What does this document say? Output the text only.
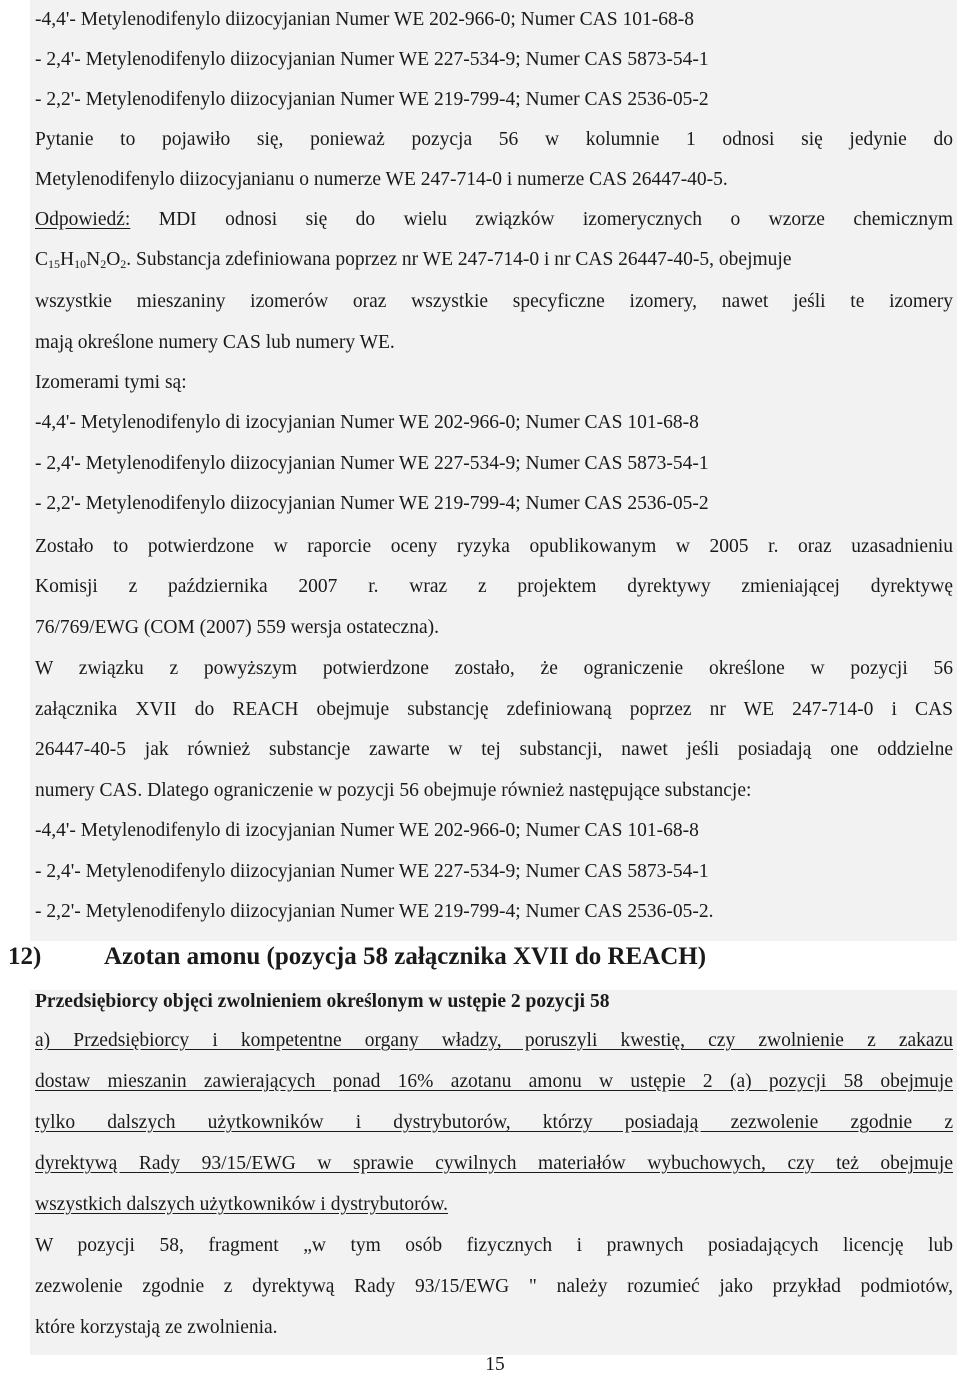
-4,4'- Metylenodifenylo diizocyjanian Numer WE 202-966-0; Numer CAS 101-68-8
- 2,4'- Metylenodifenylo diizocyjanian Numer WE 227-534-9; Numer CAS 5873-54-1
- 2,2'- Metylenodifenylo diizocyjanian Numer WE 219-799-4; Numer CAS 2536-05-2
Pytanie to pojawiło się, ponieważ pozycja 56 w kolumnie 1 odnosi się jedynie do
Metylenodifenylo diizocyjanianu o numerze WE 247-714-0 i numerze CAS 26447-40-5.
Odpowiedź: MDI odnosi się do wielu związków izomerycznych o wzorze chemicznym
$C_{15}H_{10}N_2O_2$. Substancja zdefiniowana poprzez nr WE 247-714-0 i nr CAS 26447-40-5, obejmuje
wszystkie mieszaniny izomerów oraz wszystkie specyficzne izomery, nawet jeśli te izomery
mają określone numery CAS lub numery WE.
Izomerami tymi są:
-4,4'- Metylenodifenylo di izocyjanian Numer WE 202-966-0; Numer CAS 101-68-8
- 2,4'- Metylenodifenylo diizocyjanian Numer WE 227-534-9; Numer CAS 5873-54-1
- 2,2'- Metylenodifenylo diizocyjanian Numer WE 219-799-4; Numer CAS 2536-05-2
Zostało to potwierdzone w raporcie oceny ryzyka opublikowanym w 2005 r. oraz uzasadnieniu
Komisji z października 2007 r. wraz z projektem dyrektywy zmieniającej dyrektywę
76/769/EWG (COM (2007) 559 wersja ostateczna).
W związku z powyższym potwierdzone zostało, że ograniczenie określone w pozycji 56
załącznika XVII do REACH obejmuje substancję zdefiniowaną poprzez nr WE 247-714-0 i CAS
26447-40-5 jak również substancje zawarte w tej substancji, nawet jeśli posiadają one oddzielne
numery CAS. Dlatego ograniczenie w pozycji 56 obejmuje również następujące substancje:
-4,4'- Metylenodifenylo di izocyjanian Numer WE 202-966-0; Numer CAS 101-68-8
- 2,4'- Metylenodifenylo diizocyjanian Numer WE 227-534-9; Numer CAS 5873-54-1
- 2,2'- Metylenodifenylo diizocyjanian Numer WE 219-799-4; Numer CAS 2536-05-2.
12)	Azotan amonu (pozycja 58 załącznika XVII do REACH)
Przedsiębiorcy objęci zwolnieniem określonym w ustępie 2 pozycji 58
a) Przedsiębiorcy i kompetentne organy władzy, poruszyli kwestię, czy zwolnienie z zakazu
dostaw mieszanin zawierających ponad 16% azotanu amonu w ustępie 2 (a) pozycji 58 obejmuje
tylko dalszych użytkowników i dystrybutorów, którzy posiadają zezwolenie zgodnie z
dyrektywą Rady 93/15/EWG w sprawie cywilnych materiałów wybuchowych, czy też obejmuje
wszystkich dalszych użytkowników i dystrybutorów.
W pozycji 58, fragment „w tym osób fizycznych i prawnych posiadających licencję lub
zezwolenie zgodnie z dyrektywą Rady 93/15/EWG " należy rozumieć jako przykład podmiotów,
które korzystają ze zwolnienia.
15
